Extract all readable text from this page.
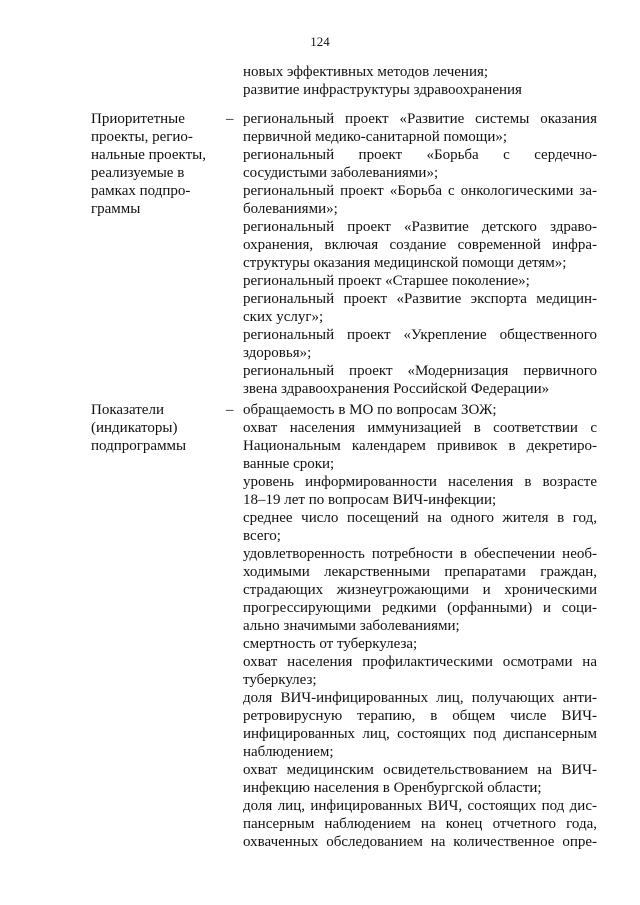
124
новых эффективных методов лечения;
развитие инфраструктуры здравоохранения
Приоритетные
проекты, регио-
нальные проекты,
реализуемые в
рамках подпро-
граммы
– региональный проект «Развитие системы оказания
первичной медико-санитарной помощи»;
региональный проект «Борьба с сердечно-
сосудистыми заболеваниями»;
региональный проект «Борьба с онкологическими за-
болеваниями»;
региональный проект «Развитие детского здраво-
охранения, включая создание современной инфра-
структуры оказания медицинской помощи детям»;
региональный проект «Старшее поколение»;
региональный проект «Развитие экспорта медицин-
ских услуг»;
региональный проект «Укрепление общественного
здоровья»;
региональный проект «Модернизация первичного
звена здравоохранения Российской Федерации»
Показатели
(индикаторы)
подпрограммы
– обращаемость в МО по вопросам ЗОЖ;
охват населения иммунизацией в соответствии с
Национальным календарем прививок в декретиро-
ванные сроки;
уровень информированности населения в возрасте
18–19 лет по вопросам ВИЧ-инфекции;
среднее число посещений на одного жителя в год,
всего;
удовлетворенность потребности в обеспечении необ-
ходимыми лекарственными препаратами граждан,
страдающих жизнеугрожающими и хроническими
прогрессирующими редкими (орфанными) и соци-
ально значимыми заболеваниями;
смертность от туберкулеза;
охват населения профилактическими осмотрами на
туберкулез;
доля ВИЧ-инфицированных лиц, получающих анти-
ретровирусную терапию, в общем числе ВИЧ-
инфицированных лиц, состоящих под диспансерным
наблюдением;
охват медицинским освидетельствованием на ВИЧ-
инфекцию населения в Оренбургской области;
доля лиц, инфицированных ВИЧ, состоящих под дис-
пансерным наблюдением на конец отчетного года,
охваченных обследованием на количественное опре-
